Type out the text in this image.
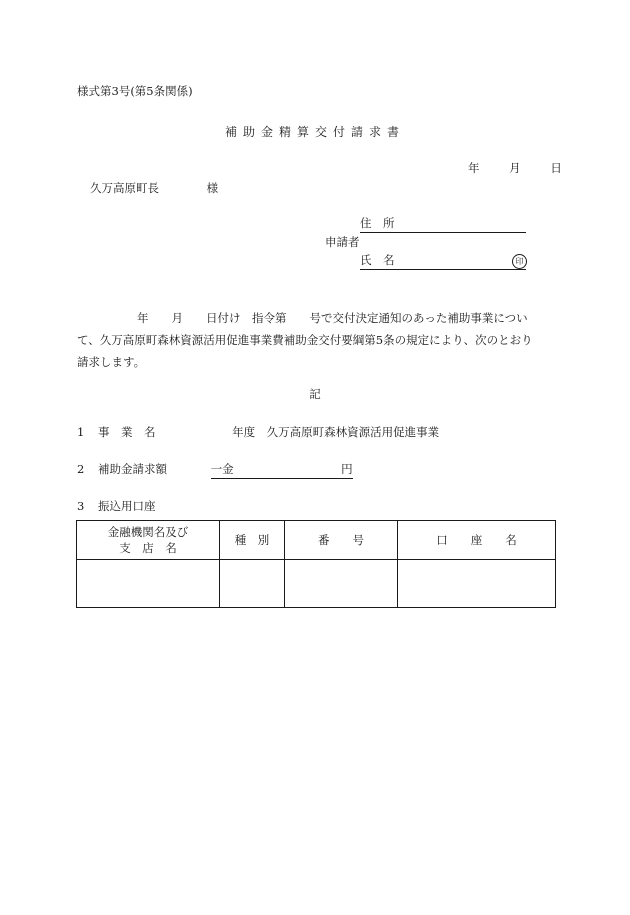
様式第3号(第5条関係)
補助金精算交付請求書
年	月	日
久万高原町長	様
住　所
申請者
氏　名	印
年　　月　　日付け　指令第　　号で交付決定通知のあった補助事業につい
て、久万高原町森林資源活用促進事業費補助金交付要綱第5条の規定により、次のとおり
請求します。
記
1 事　業　名	年度　久万高原町森林資源活用促進事業
2 補助金請求額	一金	円
3 振込用口座
金融機関名及び
支　店　名	種　別	番　　号	口　　座　　名
